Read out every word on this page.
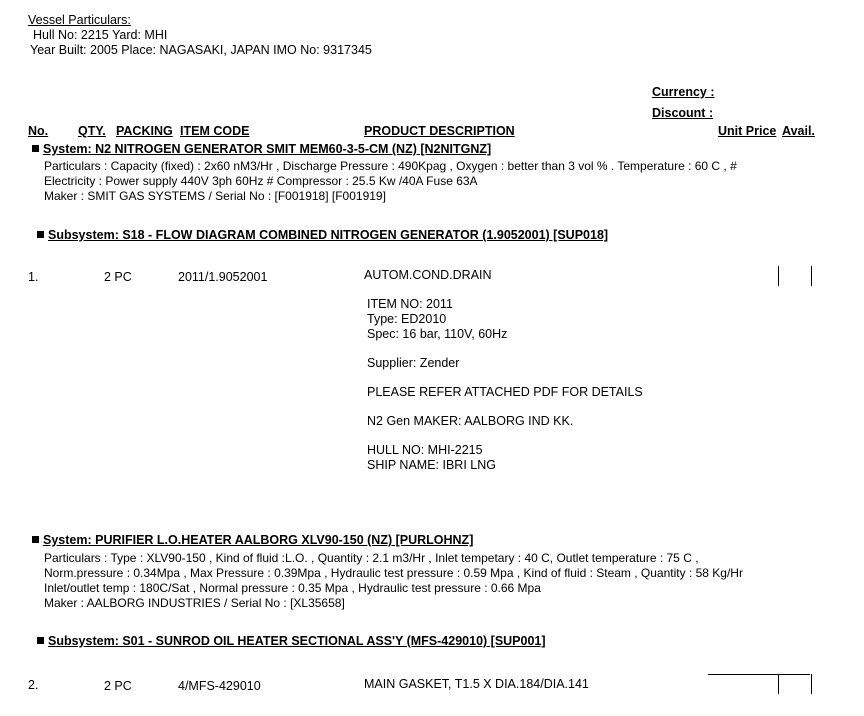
Vessel Particulars:
Hull No: 2215 Yard: MHI
Year Built: 2005 Place: NAGASAKI, JAPAN IMO No: 9317345
Currency :
Discount :
No. QTY. PACKING ITEM CODE	PRODUCT DESCRIPTION	Unit Price Avail.
System: N2 NITROGEN GENERATOR SMIT MEM60-3-5-CM (NZ) [N2NITGNZ]
Particulars : Capacity (fixed) : 2x60 nM3/Hr , Discharge Pressure : 490Kpag , Oxygen : better than 3 vol % . Temperature : 60 C , #
Electricity : Power supply 440V 3ph 60Hz # Compressor : 25.5 Kw /40A Fuse 63A
Maker : SMIT GAS SYSTEMS / Serial No : [F001918] [F001919]
Subsystem: S18 - FLOW DIAGRAM COMBINED NITROGEN GENERATOR (1.9052001) [SUP018]
1.	2 PC	2011/1.9052001	AUTOM.COND.DRAIN
ITEM NO: 2011
Type: ED2010
Spec: 16 bar, 110V, 60Hz
Supplier: Zender
PLEASE REFER ATTACHED PDF FOR DETAILS
N2 Gen MAKER: AALBORG IND KK.
HULL NO: MHI-2215
SHIP NAME: IBRI LNG
System: PURIFIER L.O.HEATER AALBORG XLV90-150 (NZ) [PURLOHNZ]
Particulars : Type : XLV90-150 , Kind of fluid :L.O. , Quantity : 2.1 m3/Hr , Inlet tempetary : 40 C, Outlet temperature : 75 C ,
Norm.pressure : 0.34Mpa , Max Pressure : 0.39Mpa , Hydraulic test pressure : 0.59 Mpa , Kind of fluid : Steam , Quantity : 58 Kg/Hr
Inlet/outlet temp : 180C/Sat , Normal pressure : 0.35 Mpa , Hydraulic test pressure : 0.66 Mpa
Maker : AALBORG INDUSTRIES / Serial No : [XL35658]
Subsystem: S01 - SUNROD OIL HEATER SECTIONAL ASS'Y (MFS-429010) [SUP001]
2.	2 PC	4/MFS-429010	MAIN GASKET, T1.5 X DIA.184/DIA.141
